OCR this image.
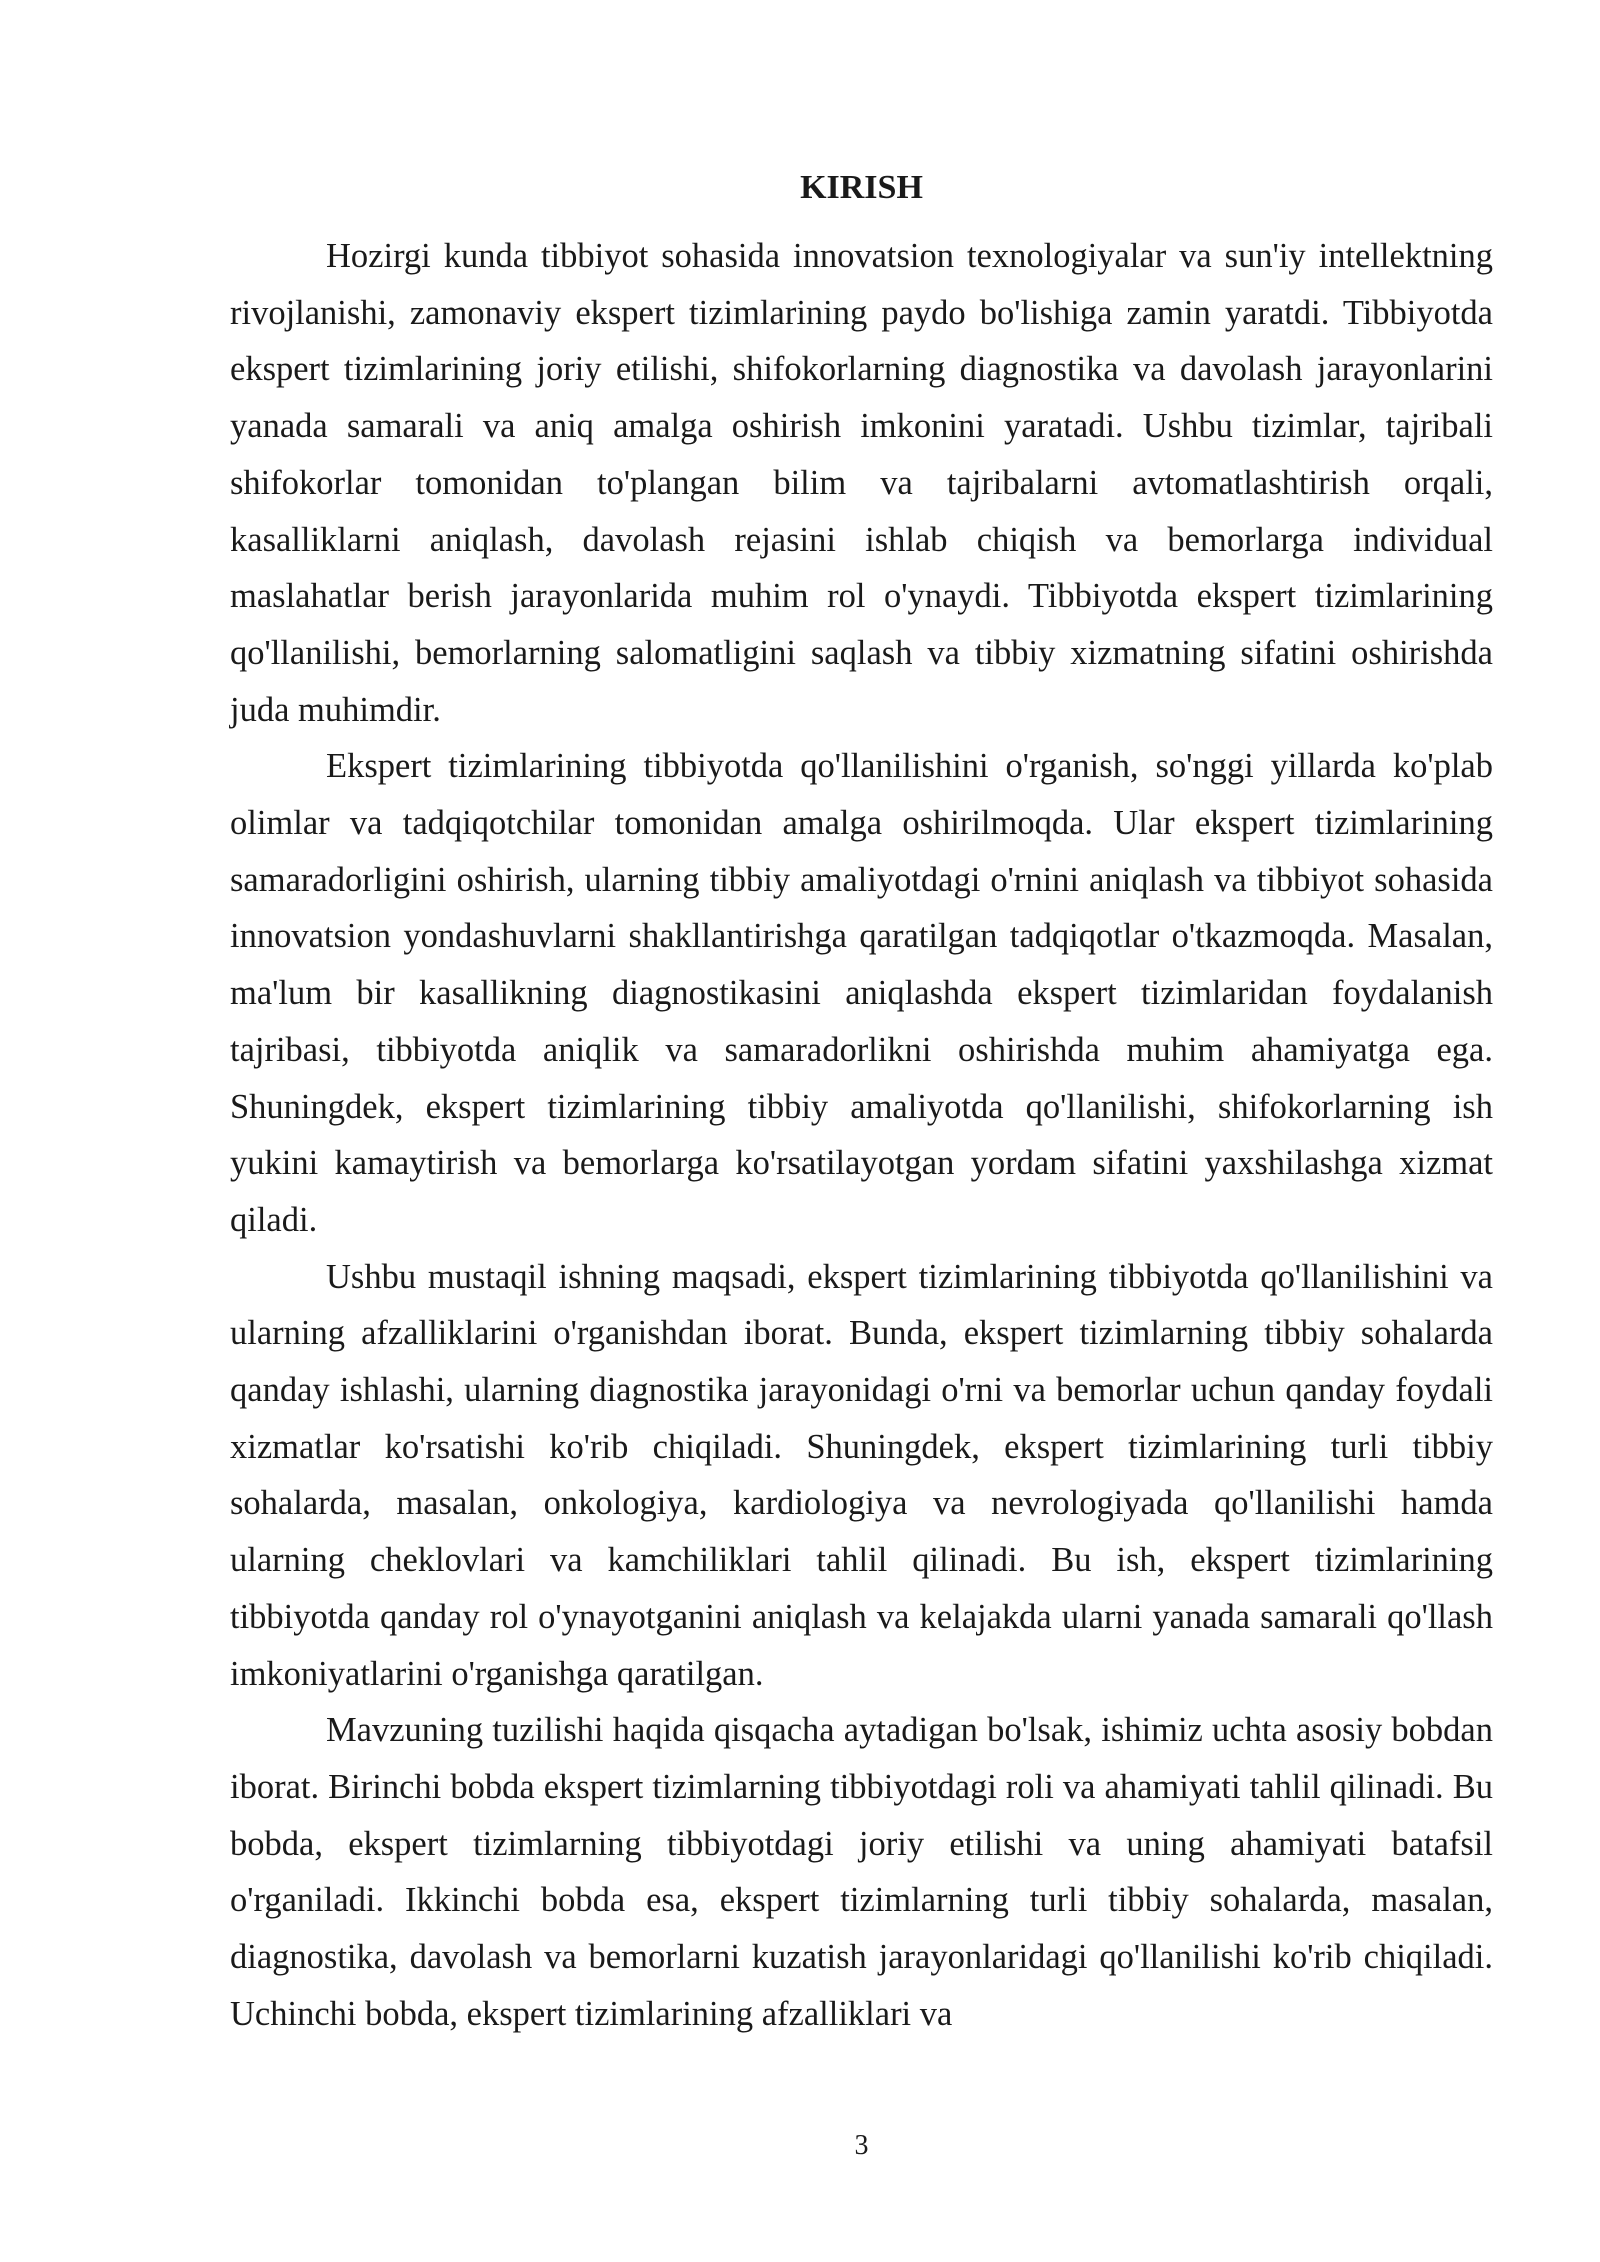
KIRISH

Hozirgi kunda tibbiyot sohasida innovatsion texnologiyalar va sun'iy intellektning rivojlanishi, zamonaviy ekspert tizimlarining paydo bo'lishiga zamin yaratdi. Tibbiyotda ekspert tizimlarining joriy etilishi, shifokorlarning diagnostika va davolash jarayonlarini yanada samarali va aniq amalga oshirish imkonini yaratadi. Ushbu tizimlar, tajribali shifokorlar tomonidan to'plangan bilim va tajribalarni avtomatlashtirish orqali, kasalliklarni aniqlash, davolash rejasini ishlab chiqish va bemorlarga individual maslahatlar berish jarayonlarida muhim rol o'ynaydi. Tibbiyotda ekspert tizimlarining qo'llanilishi, bemorlarning salomatligini saqlash va tibbiy xizmatning sifatini oshirishda juda muhimdir.

Ekspert tizimlarining tibbiyotda qo'llanilishini o'rganish, so'nggi yillarda ko'plab olimlar va tadqiqotchilar tomonidan amalga oshirilmoqda. Ular ekspert tizimlarining samaradorligini oshirish, ularning tibbiy amaliyotdagi o'rnini aniqlash va tibbiyot sohasida innovatsion yondashuvlarni shakllantirishga qaratilgan tadqiqotlar o'tkazmoqda. Masalan, ma'lum bir kasallikning diagnostikasini aniqlashda ekspert tizimlaridan foydalanish tajribasi, tibbiyotda aniqlik va samaradorlikni oshirishda muhim ahamiyatga ega. Shuningdek, ekspert tizimlarining tibbiy amaliyotda qo'llanilishi, shifokorlarning ish yukini kamaytirish va bemorlarga ko'rsatilayotgan yordam sifatini yaxshilashga xizmat qiladi.

Ushbu mustaqil ishning maqsadi, ekspert tizimlarining tibbiyotda qo'llanilishini va ularning afzalliklarini o'rganishdan iborat. Bunda, ekspert tizimlarning tibbiy sohalarda qanday ishlashi, ularning diagnostika jarayonidagi o'rni va bemorlar uchun qanday foydali xizmatlar ko'rsatishi ko'rib chiqiladi. Shuningdek, ekspert tizimlarining turli tibbiy sohalarda, masalan, onkologiya, kardiologiya va nevrologiyada qo'llanilishi hamda ularning cheklovlari va kamchiliklari tahlil qilinadi. Bu ish, ekspert tizimlarining tibbiyotda qanday rol o'ynayotganini aniqlash va kelajakda ularni yanada samarali qo'llash imkoniyatlarini o'rganishga qaratilgan.

Mavzuning tuzilishi haqida qisqacha aytadigan bo'lsak, ishimiz uchta asosiy bobdan iborat. Birinchi bobda ekspert tizimlarning tibbiyotdagi roli va ahamiyati tahlil qilinadi. Bu bobda, ekspert tizimlarning tibbiyotdagi joriy etilishi va uning ahamiyati batafsil o'rganiladi. Ikkinchi bobda esa, ekspert tizimlarning turli tibbiy sohalarda, masalan, diagnostika, davolash va bemorlarni kuzatish jarayonlaridagi qo'llanilishi ko'rib chiqiladi. Uchinchi bobda, ekspert tizimlarining afzalliklari va

3
